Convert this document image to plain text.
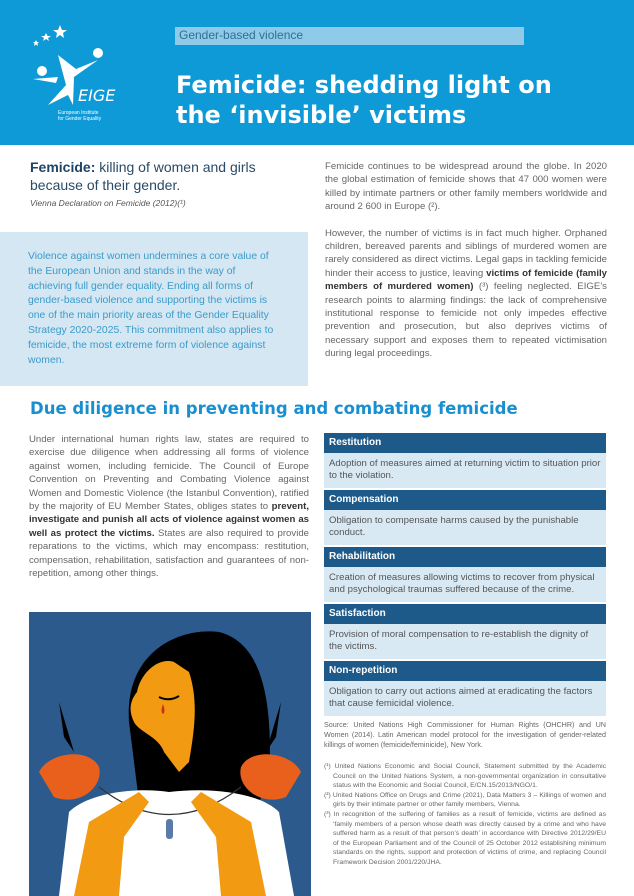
EIGE
European Institute
for Gender Equality
Gender-based violence
Femicide: shedding light on
the ‘invisible’ victims
Femicide: killing of women and girls because of their gender.
Vienna Declaration on Femicide (2012)(¹)
Violence against women undermines a core value of the European Union and stands in the way of achieving full gender equality. Ending all forms of gender-based violence and supporting the victims is one of the main priority areas of the Gender Equality Strategy 2020-2025. This commitment also applies to femicide, the most extreme form of violence against women.

Femicide continues to be widespread around the globe. In 2020 the global estimation of femicide shows that 47 000 women were killed by intimate partners or other family members worldwide and around 2 600 in Europe (²).

However, the number of victims is in fact much higher. Orphaned children, bereaved parents and siblings of murdered women are rarely considered as direct victims. Legal gaps in tackling femicide hinder their access to justice, leaving victims of femicide (family members of murdered women) (³) feeling neglected. EIGE’s research points to alarming findings: the lack of comprehensive institutional response to femicide not only impedes effective prevention and prosecution, but also deprives victims of necessary support and exposes them to repeated victimisation during legal proceedings.

Due diligence in preventing and combating femicide
Under international human rights law, states are required to exercise due diligence when addressing all forms of violence against women, including femicide. The Council of Europe Convention on Preventing and Combating Violence against Women and Domestic Violence (the Istanbul Convention), ratified by the majority of EU Member States, obliges states to prevent, investigate and punish all acts of violence against women as well as protect the victims. States are also required to provide reparations to the victims, which may encompass: restitution, compensation, rehabilitation, satisfaction and guarantees of non-repetition, among other things.
Restitution
Adoption of measures aimed at returning victim to situation prior to the violation.
Compensation
Obligation to compensate harms caused by the punishable conduct.
Rehabilitation
Creation of measures allowing victims to recover from physical and psychological traumas suffered because of the crime.
Satisfaction
Provision of moral compensation to re-establish the dignity of the victims.
Non-repetition
Obligation to carry out actions aimed at eradicating the factors that cause femicidal violence.
Source: United Nations High Commissioner for Human Rights (OHCHR) and UN Women (2014). Latin American model protocol for the investigation of gender-related killings of women (femicide/feminicide), New York.
(¹) United Nations Economic and Social Council, Statement submitted by the Academic Council on the United Nations System, a non-governmental organization in consultative status with the Economic and Social Council, E/CN.15/2013/NGO/1.
(²) United Nations Office on Drugs and Crime (2021), Data Matters 3 – Killings of women and girls by their intimate partner or other family members, Vienna.
(³) In recognition of the suffering of families as a result of femicide, victims are defined as ‘family members of a person whose death was directly caused by a crime and who have suffered harm as a result of that person’s death’ in accordance with Directive 2012/29/EU of the European Parliament and of the Council of 25 October 2012 establishing minimum standards on the rights, support and protection of victims of crime, and replacing Council Framework Decision 2001/220/JHA.
